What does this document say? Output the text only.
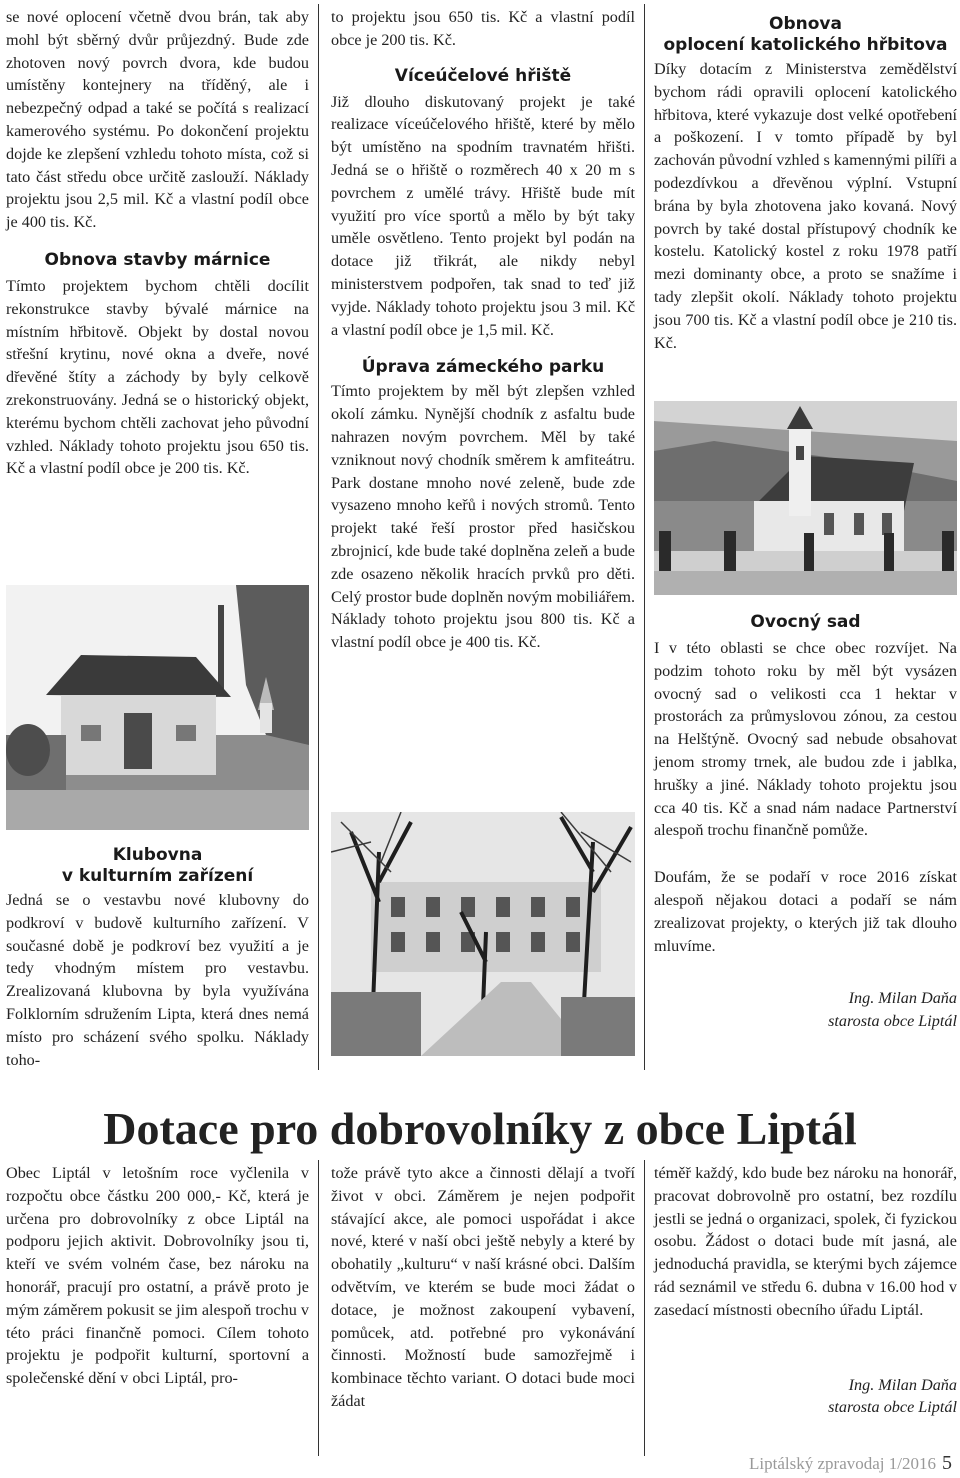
se nové oplocení včetně dvou brán, tak aby mohl být sběrný dvůr průjezdný. Bude zde zhotoven nový povrch dvora, kde budou umístěny kontejnery na tříděný, ale i nebezpečný odpad a také se počítá s realizací kamerového systému. Po dokončení projektu dojde ke zlepšení vzhledu tohoto místa, což si tato část středu obce určitě zaslouží. Náklady projektu jsou 2,5 mil. Kč a vlastní podíl obce je 400 tis. Kč.

Obnova stavby márnice

Tímto projektem bychom chtěli docílit rekonstrukce stavby bývalé márnice na místním hřbitově. Objekt by dostal novou střešní krytinu, nové okna a dveře, nové dřevěné štíty a záchody by byly celkově zrekonstruovány. Jedná se o historický objekt, kterému bychom chtěli zachovat jeho původní vzhled. Náklady tohoto projektu jsou 650 tis. Kč a vlastní podíl obce je 200 tis. Kč.

Klubovna
v kulturním zařízení

Jedná se o vestavbu nové klubovny do podkroví v budově kulturního zařízení. V současné době je podkroví bez využití a je tedy vhodným místem pro vestavbu. Zrealizovaná klubovna by byla využívána Folklorním sdružením Lipta, která dnes nemá místo pro scházení svého spolku. Náklady toho-

to projektu jsou 650 tis. Kč a vlastní podíl obce je 200 tis. Kč.

Víceúčelové hřiště

Již dlouho diskutovaný projekt je také realizace víceúčelového hřiště, které by mělo být umístěno na spodním travnatém hřišti. Jedná se o hřiště o rozměrech 40 x 20 m s povrchem z umělé trávy. Hřiště bude mít využití pro více sportů a mělo by být taky uměle osvětleno. Tento projekt byl podán na dotace již třikrát, ale nikdy nebyl ministerstvem podpořen, tak snad to teď již vyjde. Náklady tohoto projektu jsou 3 mil. Kč a vlastní podíl obce je 1,5 mil. Kč.

Úprava zámeckého parku

Tímto projektem by měl být zlepšen vzhled okolí zámku. Nynější chodník z asfaltu bude nahrazen novým povrchem. Měl by také vzniknout nový chodník směrem k amfiteátru. Park dostane mnoho nové zeleně, bude zde vysazeno mnoho keřů i nových stromů. Tento projekt také řeší prostor před hasičskou zbrojnicí, kde bude také doplněna zeleň a bude zde osazeno několik hracích prvků pro děti. Celý prostor bude doplněn novým mobiliářem. Náklady tohoto projektu jsou 800 tis. Kč a vlastní podíl obce je 400 tis. Kč.

Obnova
oplocení katolického hřbitova

Díky dotacím z Ministerstva zemědělství bychom rádi opravili oplocení katolického hřbitova, které vykazuje dost velké opotřebení a poškození. I v tomto případě by byl zachován původní vzhled s kamennými pilíři a podezdívkou a dřevěnou výplní. Vstupní brána by byla zhotovena jako kovaná. Nový povrch by také dostal přístupový chodník ke kostelu. Katolický kostel z roku 1978 patří mezi dominanty obce, a proto se snažíme i tady zlepšit okolí. Náklady tohoto projektu jsou 700 tis. Kč a vlastní podíl obce je 210 tis. Kč.

Ovocný sad

I v této oblasti se chce obec rozvíjet. Na podzim tohoto roku by měl být vysázen ovocný sad o velikosti cca 1 hektar v prostorách za průmyslovou zónou, za cestou na Helštýně. Ovocný sad nebude obsahovat jenom stromy trnek, ale budou zde i jablka, hrušky a jiné. Náklady tohoto projektu jsou cca 40 tis. Kč a snad nám nadace Partnerství alespoň trochu finančně pomůže.

Doufám, že se podaří v roce 2016 získat alespoň nějakou dotaci a podaří se nám zrealizovat projekty, o kterých již tak dlouho mluvíme.

Ing. Milan Daňa

starosta obce Liptál

Dotace pro dobrovolníky z obce Liptál

Obec Liptál v letošním roce vyčlenila v rozpočtu obce částku 200 000,- Kč, která je určena pro dobrovolníky z obce Liptál na podporu jejich aktivit. Dobrovolníky jsou ti, kteří ve svém volném čase, bez nároku na honorář, pracují pro ostatní, a právě proto je mým záměrem pokusit se jim alespoň trochu v této práci finančně pomoci. Cílem tohoto projektu je podpořit kulturní, sportovní a společenské dění v obci Liptál, pro-

tože právě tyto akce a činnosti dělají a tvoří život v obci. Záměrem je nejen podpořit stávající akce, ale pomoci uspořádat i akce nové, které v naší obci ještě nebyly a které by obohatily „kulturu“ v naší krásné obci. Dalším odvětvím, ve kterém se bude moci žádat o dotace, je možnost zakoupení vybavení, pomůcek, atd. potřebné pro vykonávání činnosti. Možností bude samozřejmě i kombinace těchto variant. O dotaci bude moci žádat

téměř každý, kdo bude bez nároku na honorář, pracovat dobrovolně pro ostatní, bez rozdílu jestli se jedná o organizaci, spolek, či fyzickou osobu. Žádost o dotaci bude mít jasná, ale jednoduchá pravidla, se kterými bych zájemce rád seznámil ve středu 6. dubna v 16.00 hod v zasedací místnosti obecního úřadu Liptál.

Ing. Milan Daňa

starosta obce Liptál

Liptálský zpravodaj 1/2016 5
